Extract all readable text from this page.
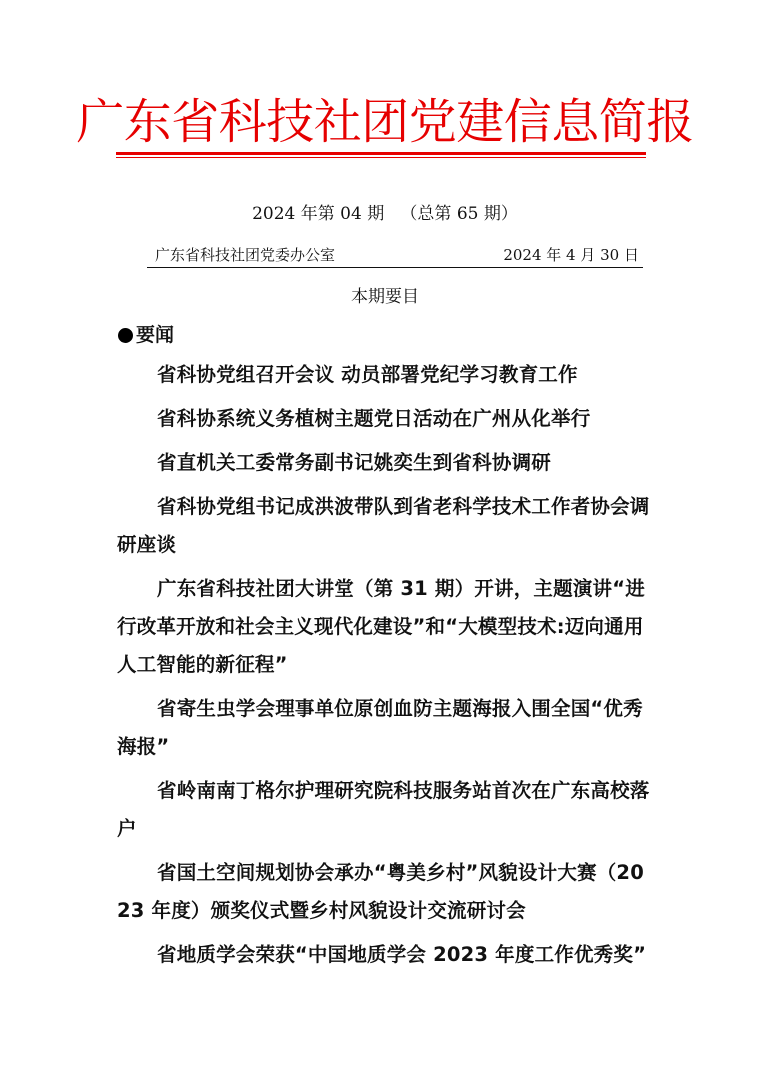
广东省科技社团党建信息简报
2024 年第 04 期   （总第 65 期）
广东省科技社团党委办公室	2024 年 4 月 30 日
本期要目
要闻
省科协党组召开会议 动员部署党纪学习教育工作
省科协系统义务植树主题党日活动在广州从化举行
省直机关工委常务副书记姚奕生到省科协调研
省科协党组书记成洪波带队到省老科学技术工作者协会调研座谈
广东省科技社团大讲堂（第 31 期）开讲，主题演讲“进行改革开放和社会主义现代化建设”和“大模型技术:迈向通用人工智能的新征程”
省寄生虫学会理事单位原创血防主题海报入围全国“优秀海报”
省岭南南丁格尔护理研究院科技服务站首次在广东高校落户
省国土空间规划协会承办“粤美乡村”风貌设计大赛（2023 年度）颁奖仪式暨乡村风貌设计交流研讨会
省地质学会荣获“中国地质学会 2023 年度工作优秀奖”
